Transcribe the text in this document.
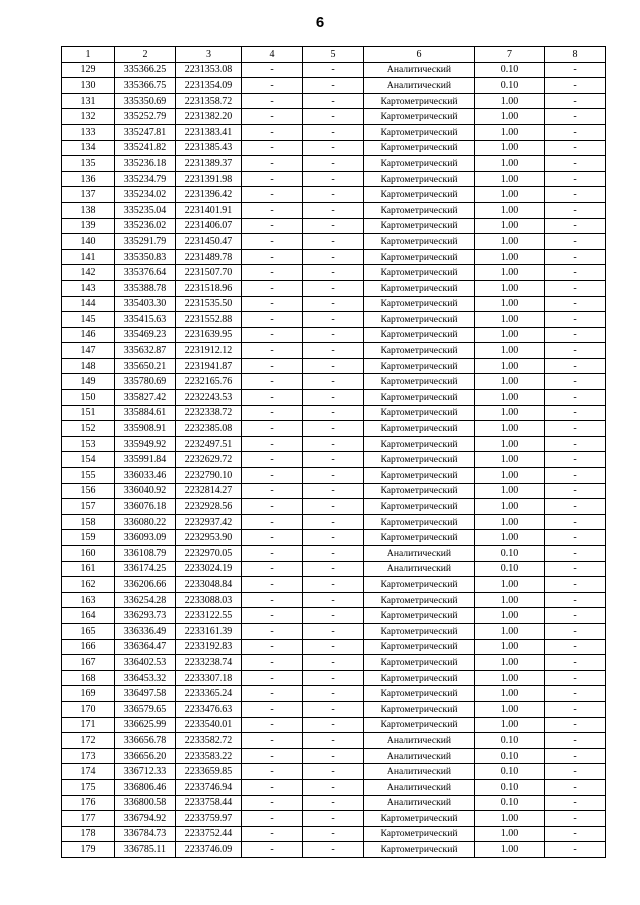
6
1	2	3	4	5	6	7	8
129	335366.25	2231353.08	-	-	Аналитический	0.10	-
130	335366.75	2231354.09	-	-	Аналитический	0.10	-
131	335350.69	2231358.72	-	-	Картометрический	1.00	-
132	335252.79	2231382.20	-	-	Картометрический	1.00	-
133	335247.81	2231383.41	-	-	Картометрический	1.00	-
134	335241.82	2231385.43	-	-	Картометрический	1.00	-
135	335236.18	2231389.37	-	-	Картометрический	1.00	-
136	335234.79	2231391.98	-	-	Картометрический	1.00	-
137	335234.02	2231396.42	-	-	Картометрический	1.00	-
138	335235.04	2231401.91	-	-	Картометрический	1.00	-
139	335236.02	2231406.07	-	-	Картометрический	1.00	-
140	335291.79	2231450.47	-	-	Картометрический	1.00	-
141	335350.83	2231489.78	-	-	Картометрический	1.00	-
142	335376.64	2231507.70	-	-	Картометрический	1.00	-
143	335388.78	2231518.96	-	-	Картометрический	1.00	-
144	335403.30	2231535.50	-	-	Картометрический	1.00	-
145	335415.63	2231552.88	-	-	Картометрический	1.00	-
146	335469.23	2231639.95	-	-	Картометрический	1.00	-
147	335632.87	2231912.12	-	-	Картометрический	1.00	-
148	335650.21	2231941.87	-	-	Картометрический	1.00	-
149	335780.69	2232165.76	-	-	Картометрический	1.00	-
150	335827.42	2232243.53	-	-	Картометрический	1.00	-
151	335884.61	2232338.72	-	-	Картометрический	1.00	-
152	335908.91	2232385.08	-	-	Картометрический	1.00	-
153	335949.92	2232497.51	-	-	Картометрический	1.00	-
154	335991.84	2232629.72	-	-	Картометрический	1.00	-
155	336033.46	2232790.10	-	-	Картометрический	1.00	-
156	336040.92	2232814.27	-	-	Картометрический	1.00	-
157	336076.18	2232928.56	-	-	Картометрический	1.00	-
158	336080.22	2232937.42	-	-	Картометрический	1.00	-
159	336093.09	2232953.90	-	-	Картометрический	1.00	-
160	336108.79	2232970.05	-	-	Аналитический	0.10	-
161	336174.25	2233024.19	-	-	Аналитический	0.10	-
162	336206.66	2233048.84	-	-	Картометрический	1.00	-
163	336254.28	2233088.03	-	-	Картометрический	1.00	-
164	336293.73	2233122.55	-	-	Картометрический	1.00	-
165	336336.49	2233161.39	-	-	Картометрический	1.00	-
166	336364.47	2233192.83	-	-	Картометрический	1.00	-
167	336402.53	2233238.74	-	-	Картометрический	1.00	-
168	336453.32	2233307.18	-	-	Картометрический	1.00	-
169	336497.58	2233365.24	-	-	Картометрический	1.00	-
170	336579.65	2233476.63	-	-	Картометрический	1.00	-
171	336625.99	2233540.01	-	-	Картометрический	1.00	-
172	336656.78	2233582.72	-	-	Аналитический	0.10	-
173	336656.20	2233583.22	-	-	Аналитический	0.10	-
174	336712.33	2233659.85	-	-	Аналитический	0.10	-
175	336806.46	2233746.94	-	-	Аналитический	0.10	-
176	336800.58	2233758.44	-	-	Аналитический	0.10	-
177	336794.92	2233759.97	-	-	Картометрический	1.00	-
178	336784.73	2233752.44	-	-	Картометрический	1.00	-
179	336785.11	2233746.09	-	-	Картометрический	1.00	-
